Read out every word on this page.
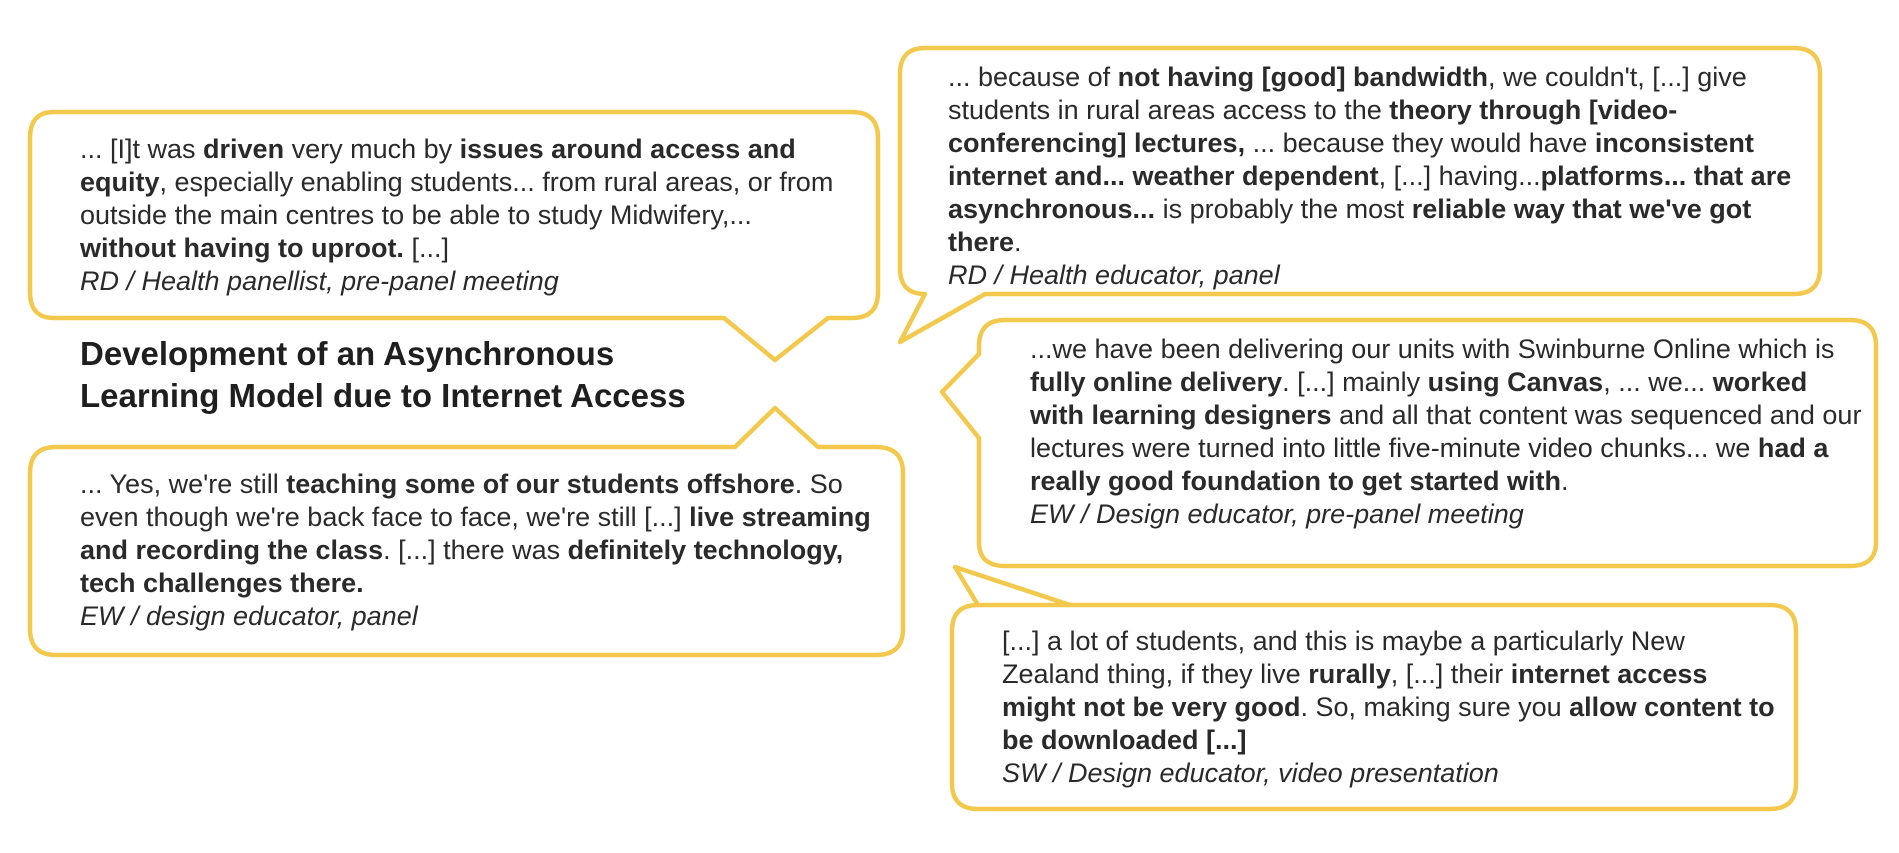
... [I]t was driven very much by issues around access and equity, especially enabling students... from rural areas, or from outside the main centres to be able to study Midwifery,... without having to uproot. [...]
RD / Health panellist, pre-panel meeting
Development of an Asynchronous
Learning Model due to Internet Access
... Yes, we're still teaching some of our students offshore. So even though we're back face to face, we're still [...] live streaming and recording the class. [...] there was definitely technology, tech challenges there.
EW / design educator, panel
... because of not having [good] bandwidth, we couldn't, [...] give students in rural areas access to the theory through [video-conferencing] lectures, ... because they would have inconsistent internet and... weather dependent, [...] having...platforms... that are asynchronous... is probably the most reliable way that we've got there.
RD / Health educator, panel
...we have been delivering our units with Swinburne Online which is fully online delivery. [...] mainly using Canvas, ... we... worked with learning designers and all that content was sequenced and our lectures were turned into little five-minute video chunks... we had a really good foundation to get started with.
EW / Design educator, pre-panel meeting
[...] a lot of students, and this is maybe a particularly New Zealand thing, if they live rurally, [...] their internet access might not be very good. So, making sure you allow content to be downloaded [...]
SW / Design educator, video presentation
